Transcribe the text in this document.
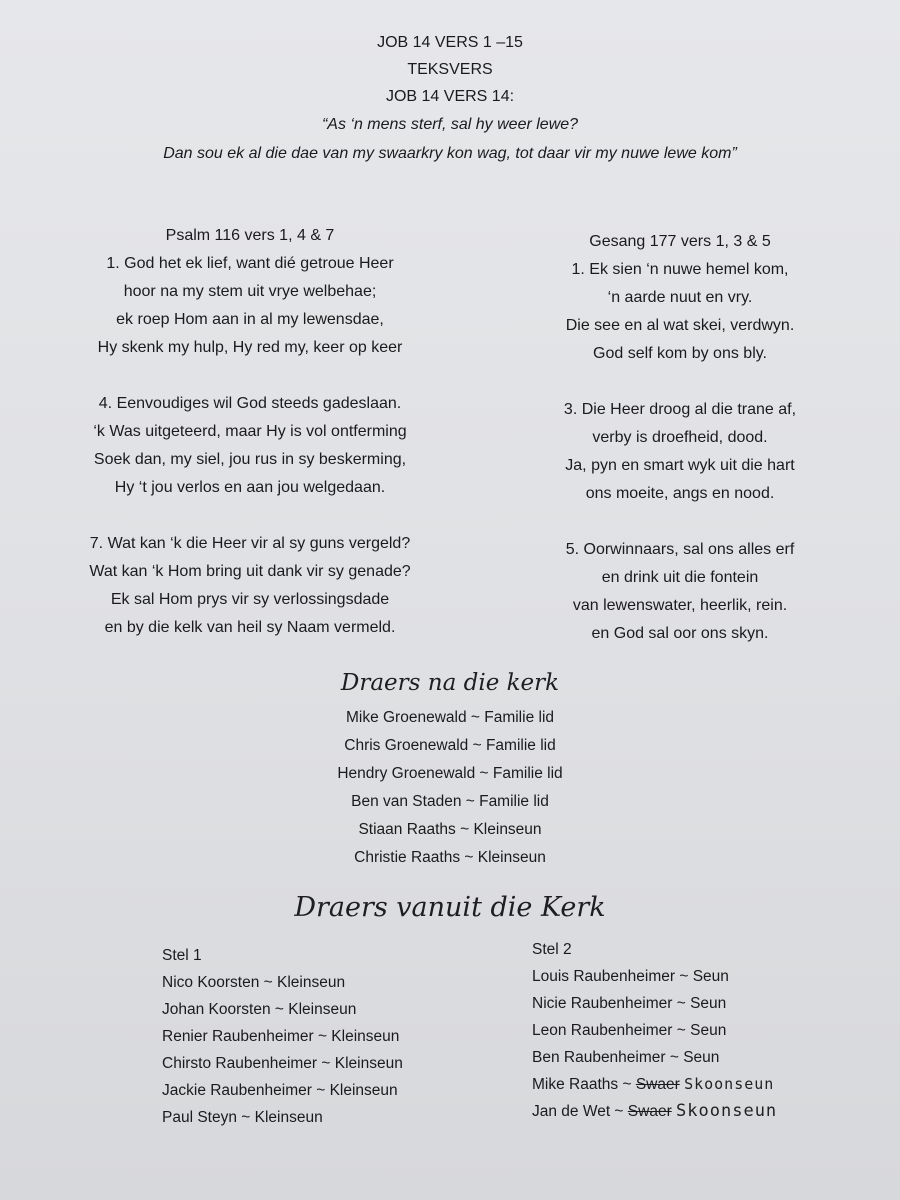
JOB 14 VERS 1 –15
TEKSVERS
JOB 14 VERS 14:
“As ‘n mens sterf, sal hy weer lewe?
Dan sou ek al die dae van my swaarkry kon wag, tot daar vir my nuwe lewe kom”
Psalm 116 vers 1, 4 & 7
1. God het ek lief, want dié getroue Heer
hoor na my stem uit vrye welbehae;
ek roep Hom aan in al my lewensdae,
Hy skenk my hulp, Hy red my, keer op keer
4. Eenvoudiges wil God steeds gadeslaan.
‘k Was uitgeteerd, maar Hy is vol ontferming
Soek dan, my siel, jou rus in sy beskerming,
Hy ‘t jou verlos en aan jou welgedaan.
7. Wat kan ‘k die Heer vir al sy guns vergeld?
Wat kan ‘k Hom bring uit dank vir sy genade?
Ek sal Hom prys vir sy verlossingsdade
en by die kelk van heil sy Naam vermeld.
Gesang 177 vers 1, 3 & 5
1. Ek sien ‘n nuwe hemel kom,
‘n aarde nuut en vry.
Die see en al wat skei, verdwyn.
God self kom by ons bly.
3. Die Heer droog al die trane af,
verby is droefheid, dood.
Ja, pyn en smart wyk uit die hart
ons moeite, angs en nood.
5. Oorwinnaars, sal ons alles erf
en drink uit die fontein
van lewenswater, heerlik, rein.
en God sal oor ons skyn.
Draers na die kerk
Mike Groenewald ~ Familie lid
Chris Groenewald ~ Familie lid
Hendry Groenewald ~ Familie lid
Ben van Staden ~ Familie lid
Stiaan Raaths ~ Kleinseun
Christie Raaths ~ Kleinseun
Draers vanuit die Kerk
Stel 1
Nico Koorsten ~ Kleinseun
Johan Koorsten ~ Kleinseun
Renier Raubenheimer ~ Kleinseun
Chirsto Raubenheimer ~ Kleinseun
Jackie Raubenheimer ~ Kleinseun
Paul Steyn ~ Kleinseun
Stel 2
Louis Raubenheimer ~ Seun
Nicie Raubenheimer ~ Seun
Leon Raubenheimer ~ Seun
Ben Raubenheimer ~ Seun
Mike Raaths ~ Swaer Skoonseun
Jan de Wet ~ Swaer Skoonseun
